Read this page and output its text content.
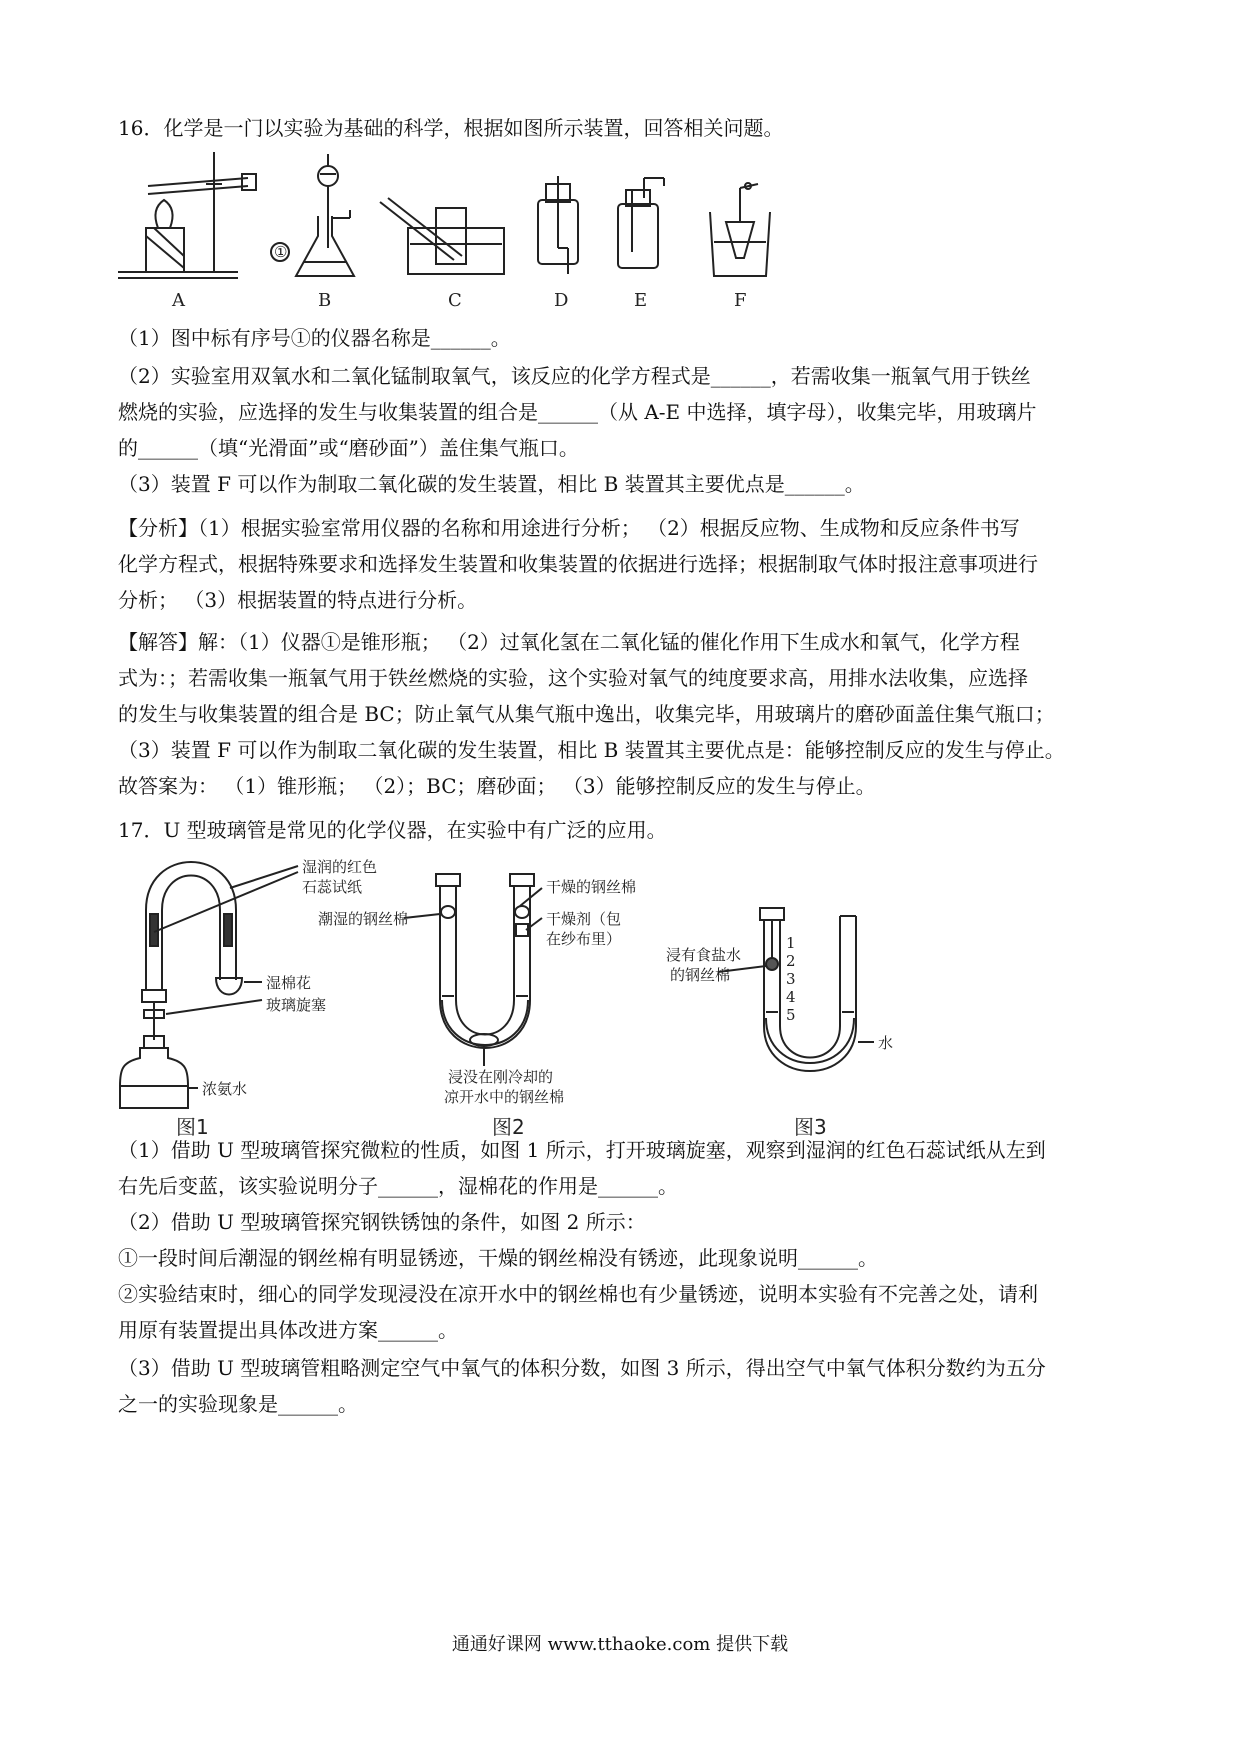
16．化学是一门以实验为基础的科学，根据如图所示装置，回答相关问题。
A	B	C	D	E	F
①
（1）图中标有序号①的仪器名称是______。
（2）实验室用双氧水和二氧化锰制取氧气，该反应的化学方程式是______，若需收集一瓶氧气用于铁丝
燃烧的实验，应选择的发生与收集装置的组合是______（从 A-E 中选择，填字母），收集完毕，用玻璃片
的______（填“光滑面”或“磨砂面”）盖住集气瓶口。
（3）装置 F 可以作为制取二氧化碳的发生装置，相比 B 装置其主要优点是______。
【分析】（1）根据实验室常用仪器的名称和用途进行分析； （2）根据反应物、生成物和反应条件书写
化学方程式，根据特殊要求和选择发生装置和收集装置的依据进行选择；根据制取气体时报注意事项进行
分析； （3）根据装置的特点进行分析。
【解答】解：（1）仪器①是锥形瓶； （2）过氧化氢在二氧化锰的催化作用下生成水和氧气，化学方程
式为：；若需收集一瓶氧气用于铁丝燃烧的实验，这个实验对氧气的纯度要求高，用排水法收集，应选择
的发生与收集装置的组合是 BC；防止氧气从集气瓶中逸出，收集完毕，用玻璃片的磨砂面盖住集气瓶口；
（3）装置 F 可以作为制取二氧化碳的发生装置，相比 B 装置其主要优点是：能够控制反应的发生与停止。
故答案为： （1）锥形瓶； （2）；BC；磨砂面； （3）能够控制反应的发生与停止。
17．U 型玻璃管是常见的化学仪器，在实验中有广泛的应用。
湿润的红色
石蕊试纸
湿棉花
玻璃旋塞
浓氨水
图1
干燥的钢丝棉
潮湿的钢丝棉	干燥剂（包
在纱布里）
浸没在刚冷却的
凉开水中的钢丝棉
图2
浸有食盐水
的钢丝棉
水
1
2
3
4
5
图3
（1）借助 U 型玻璃管探究微粒的性质，如图 1 所示，打开玻璃旋塞，观察到湿润的红色石蕊试纸从左到
右先后变蓝，该实验说明分子______，湿棉花的作用是______。
（2）借助 U 型玻璃管探究钢铁锈蚀的条件，如图 2 所示：
①一段时间后潮湿的钢丝棉有明显锈迹，干燥的钢丝棉没有锈迹，此现象说明______。
②实验结束时，细心的同学发现浸没在凉开水中的钢丝棉也有少量锈迹，说明本实验有不完善之处，请利
用原有装置提出具体改进方案______。
（3）借助 U 型玻璃管粗略测定空气中氧气的体积分数，如图 3 所示，得出空气中氧气体积分数约为五分
之一的实验现象是______。
通通好课网 www.tthaoke.com 提供下载
